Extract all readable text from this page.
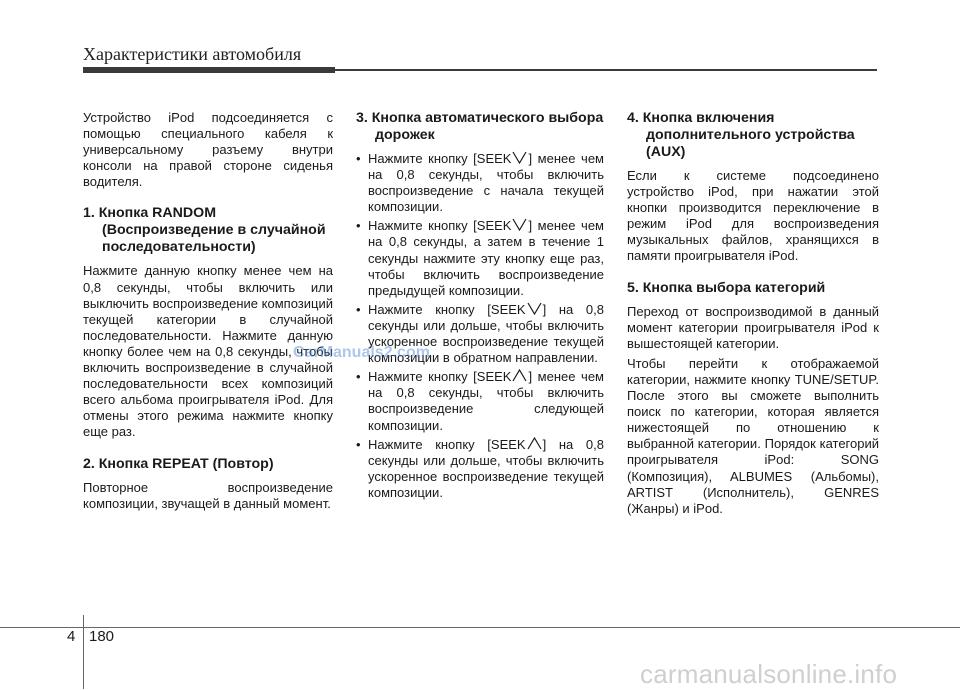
Характеристики автомобиля

Устройство iPod подсоединяется с помощью специального кабеля к универсальному разъему внутри консоли на правой стороне сиденья водителя.

1. Кнопка RANDOM (Воспроизведение в случайной последовательности)

Нажмите данную кнопку менее чем на 0,8 секунды, чтобы включить или выключить воспроизведение композиций текущей категории в случайной последовательности. Нажмите данную кнопку более чем на 0,8 секунды, чтобы включить воспроизведение в случайной последовательности всех композиций всего альбома проигрывателя iPod. Для отмены этого режима нажмите кнопку еще раз.

2. Кнопка REPEAT (Повтор)

Повторное воспроизведение композиции, звучащей в данный момент.

3. Кнопка автоматического выбора дорожек
• Нажмите кнопку [SEEK ] менее чем на 0,8 секунды, чтобы включить воспроизведение с начала текущей композиции.
• Нажмите кнопку [SEEK ] менее чем на 0,8 секунды, а затем в течение 1 секунды нажмите эту кнопку еще раз, чтобы включить воспроизведение предыдущей композиции.
• Нажмите кнопку [SEEK ] на 0,8 секунды или дольше, чтобы включить ускоренное воспроизведение текущей композиции в обратном направлении.
• Нажмите кнопку [SEEK ] менее чем на 0,8 секунды, чтобы включить воспроизведение следующей композиции.
• Нажмите кнопку [SEEK ] на 0,8 секунды или дольше, чтобы включить ускоренное воспроизведение текущей композиции.
4. Кнопка включения дополнительного устройства (AUX)

Если к системе подсоединено устройство iPod, при нажатии этой кнопки производится переключение в режим iPod для воспроизведения музыкальных файлов, хранящихся в памяти проигрывателя iPod.

5. Кнопка выбора категорий

Переход от воспроизводимой в данный момент категории проигрывателя iPod к вышестоящей категории.

Чтобы перейти к отображаемой категории, нажмите кнопку TUNE/SETUP. После этого вы сможете выполнить поиск по категории, которая является нижестоящей по отношению к выбранной категории. Порядок категорий проигрывателя iPod: SONG (Композиция), ALBUMES (Альбомы), ARTIST (Исполнитель), GENRES (Жанры) и iPod.

CarManuals2.com
4 180
carmanualsonline.info
